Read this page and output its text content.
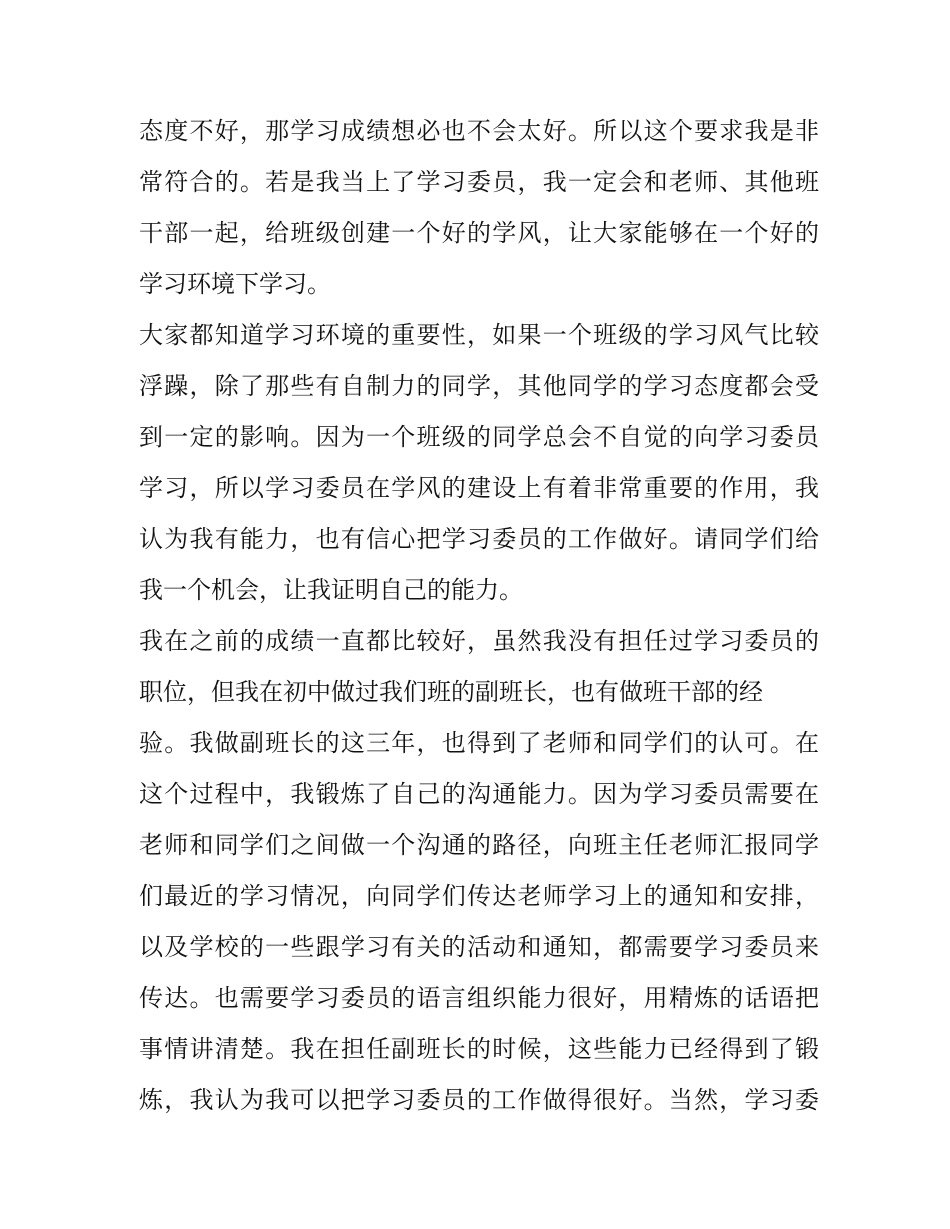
态度不好，那学习成绩想必也不会太好。所以这个要求我是非
常符合的。若是我当上了学习委员，我一定会和老师、其他班
干部一起，给班级创建一个好的学风，让大家能够在一个好的
学习环境下学习。
大家都知道学习环境的重要性，如果一个班级的学习风气比较
浮躁，除了那些有自制力的同学，其他同学的学习态度都会受
到一定的影响。因为一个班级的同学总会不自觉的向学习委员
学习，所以学习委员在学风的建设上有着非常重要的作用，我
认为我有能力，也有信心把学习委员的工作做好。请同学们给
我一个机会，让我证明自己的能力。
我在之前的成绩一直都比较好，虽然我没有担任过学习委员的
职位，但我在初中做过我们班的副班长，也有做班干部的经
验。我做副班长的这三年，也得到了老师和同学们的认可。在
这个过程中，我锻炼了自己的沟通能力。因为学习委员需要在
老师和同学们之间做一个沟通的路径，向班主任老师汇报同学
们最近的学习情况，向同学们传达老师学习上的通知和安排，
以及学校的一些跟学习有关的活动和通知，都需要学习委员来
传达。也需要学习委员的语言组织能力很好，用精炼的话语把
事情讲清楚。我在担任副班长的时候，这些能力已经得到了锻
炼，我认为我可以把学习委员的工作做得很好。当然，学习委
